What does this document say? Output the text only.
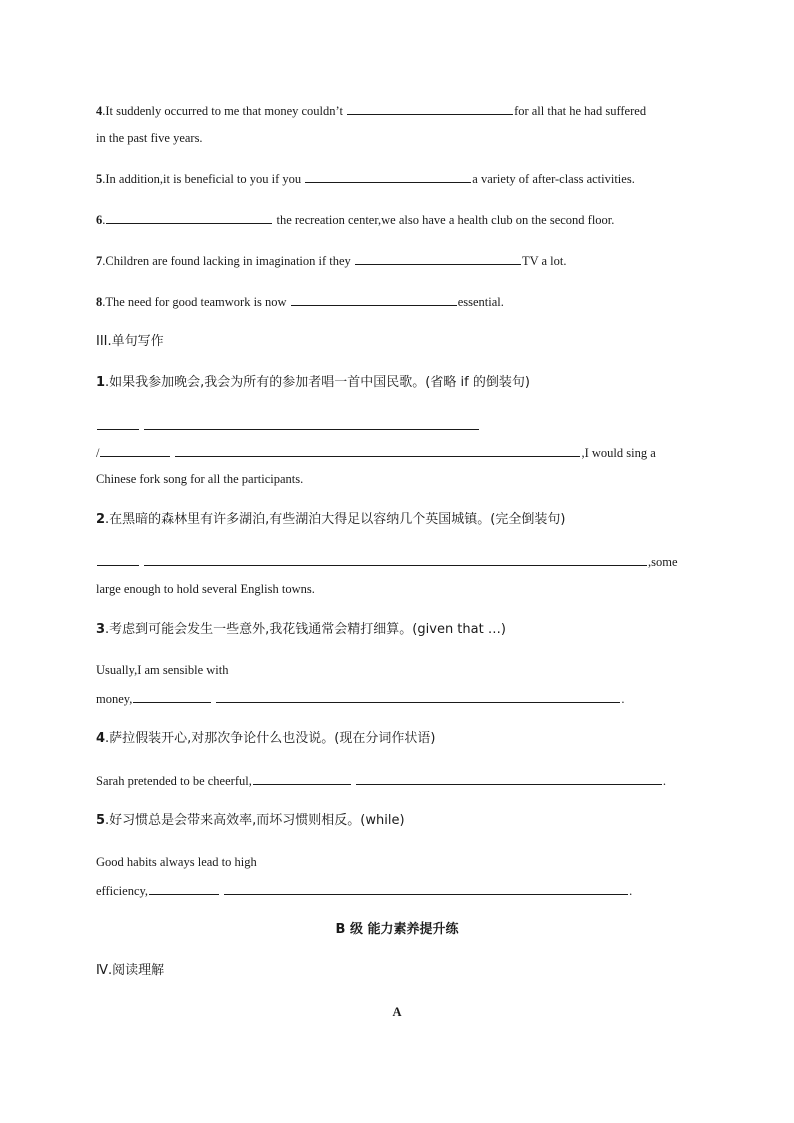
4.It suddenly occurred to me that money couldn’t	for all that he had suffered
in the past five years.
5.In addition,it is beneficial to you if you	a variety of after-class activities.
6.	the recreation center,we also have a health club on the second floor.
7.Children are found lacking in imagination if they	TV a lot.
8.The need for good teamwork is now	essential.
III.单句写作
1.如果我参加晚会,我会为所有的参加者唱一首中国民歌。(省略 if 的倒装句)
/	,I would sing a
Chinese fork song for all the participants.
2.在黑暗的森林里有许多湖泊,有些湖泊大得足以容纳几个英国城镇。(完全倒装句)
,some
large enough to hold several English towns.
3.考虑到可能会发生一些意外,我花钱通常会精打细算。(given that …)
Usually,I am sensible with
money,	.
4.萨拉假装开心,对那次争论什么也没说。(现在分词作状语)
Sarah pretended to be cheerful,	.
5.好习惯总是会带来高效率,而坏习惯则相反。(while)
Good habits always lead to high
efficiency,	.
B 级 能力素养提升练
Ⅳ.阅读理解
A
